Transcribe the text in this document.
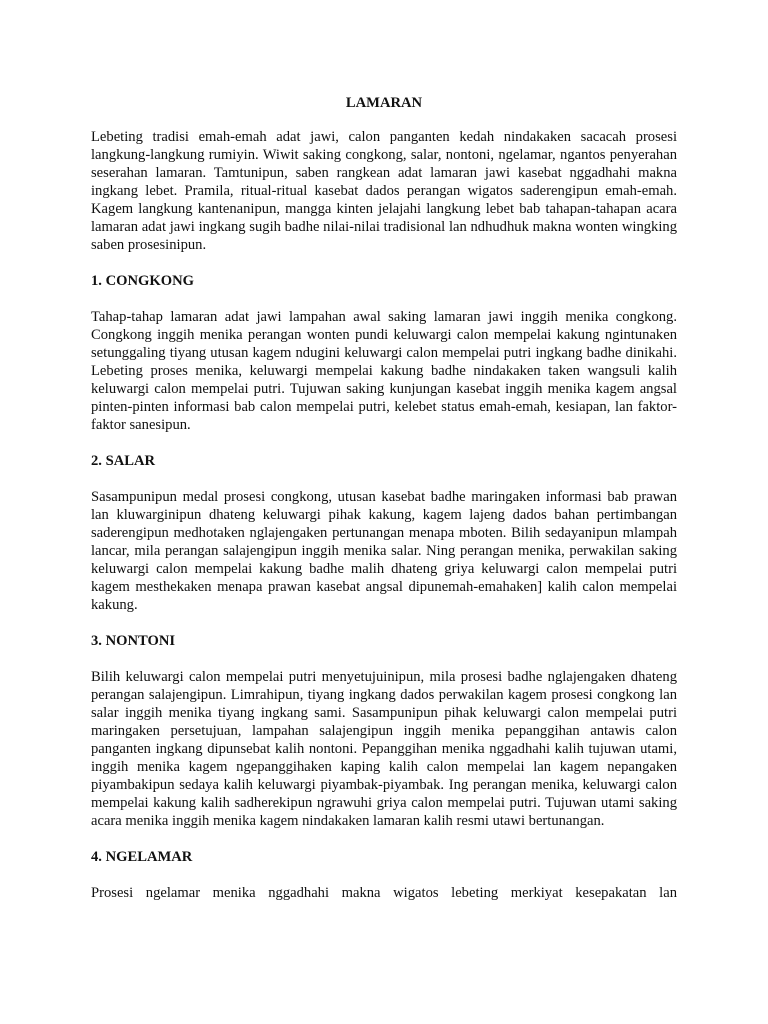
LAMARAN

Lebeting tradisi emah-emah adat jawi, calon panganten kedah nindakaken sacacah prosesi langkung-langkung rumiyin. Wiwit saking congkong, salar, nontoni, ngelamar, ngantos penyerahan seserahan lamaran. Tamtunipun, saben rangkean adat lamaran jawi kasebat nggadhahi makna ingkang lebet. Pramila, ritual-ritual kasebat dados perangan wigatos saderengipun emah-emah. Kagem langkung kantenanipun, mangga kinten jelajahi langkung lebet bab tahapan-tahapan acara lamaran adat jawi ingkang sugih badhe nilai-nilai tradisional lan ndhudhuk makna wonten wingking saben prosesinipun.

1. CONGKONG

Tahap-tahap lamaran adat jawi lampahan awal saking lamaran jawi inggih menika congkong. Congkong inggih menika perangan wonten pundi keluwargi calon mempelai kakung ngintunaken setunggaling tiyang utusan kagem ndugini keluwargi calon mempelai putri ingkang badhe dinikahi. Lebeting proses menika, keluwargi mempelai kakung badhe nindakaken taken wangsuli kalih keluwargi calon mempelai putri. Tujuwan saking kunjungan kasebat inggih menika kagem angsal pinten-pinten informasi bab calon mempelai putri, kelebet status emah-emah, kesiapan, lan faktor-faktor sanesipun.

2. SALAR

Sasampunipun medal prosesi congkong, utusan kasebat badhe maringaken informasi bab prawan lan kluwarginipun dhateng keluwargi pihak kakung, kagem lajeng dados bahan pertimbangan saderengipun medhotaken nglajengaken pertunangan menapa mboten. Bilih sedayanipun mlampah lancar, mila perangan salajengipun inggih menika salar. Ning perangan menika, perwakilan saking keluwargi calon mempelai kakung badhe malih dhateng griya keluwargi calon mempelai putri kagem mesthekaken menapa prawan kasebat angsal dipunemah-emahaken] kalih calon mempelai kakung.

3. NONTONI

Bilih keluwargi calon mempelai putri menyetujuinipun, mila prosesi badhe nglajengaken dhateng perangan salajengipun. Limrahipun, tiyang ingkang dados perwakilan kagem prosesi congkong lan salar inggih menika tiyang ingkang sami. Sasampunipun pihak keluwargi calon mempelai putri maringaken persetujuan, lampahan salajengipun inggih menika pepanggihan antawis calon panganten ingkang dipunsebat kalih nontoni. Pepanggihan menika nggadhahi kalih tujuwan utami, inggih menika kagem ngepanggihaken kaping kalih calon mempelai lan kagem nepangaken piyambakipun sedaya kalih keluwargi piyambak-piyambak. Ing perangan menika, keluwargi calon mempelai kakung kalih sadherekipun ngrawuhi griya calon mempelai putri. Tujuwan utami saking acara menika inggih menika kagem nindakaken lamaran kalih resmi utawi bertunangan.

4. NGELAMAR

Prosesi ngelamar menika nggadhahi makna wigatos lebeting merkiyat kesepakatan lan
